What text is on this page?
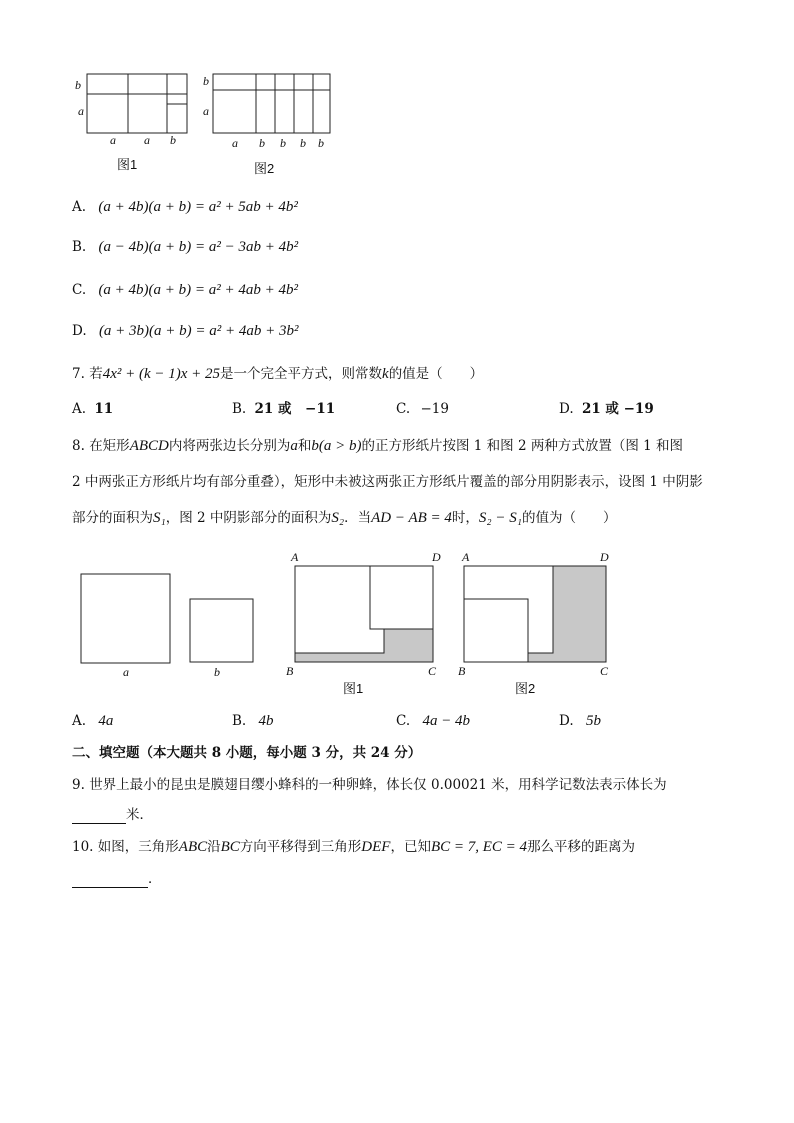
b
a
a a b
图1
b
a
a b b b b
图2
A. (a + 4b)(a + b) = a² + 5ab + 4b²
B. (a − 4b)(a + b) = a² − 3ab + 4b²
C. (a + 4b)(a + b) = a² + 4ab + 4b²
D. (a + 3b)(a + b) = a² + 4ab + 3b²
7. 若4x² + (k − 1)x + 25是一个完全平方式，则常数k的值是（　　）
A. 11	B. 21 或　−11	C. −19	D. 21 或 −19
8. 在矩形ABCD内将两张边长分别为a和b(a > b)的正方形纸片按图 1 和图 2 两种方式放置（图 1 和图
2 中两张正方形纸片均有部分重叠），矩形中未被这两张正方形纸片覆盖的部分用阴影表示，设图 1 中阴影
部分的面积为S₁，图 2 中阴影部分的面积为S₂．当AD − AB = 4时，S₂ − S₁的值为（　　）
a	b
A	D
B	C
图1
A	D
B	C
图2
A. 4a	B. 4b	C. 4a − 4b	D. 5b
二、填空题（本大题共 8 小题，每小题 3 分，共 24 分）
9. 世界上最小的昆虫是膜翅目缨小蜂科的一种卵蜂，体长仅 0.00021 米，用科学记数法表示体长为
米．
10. 如图，三角形ABC沿BC方向平移得到三角形DEF，已知BC = 7, EC = 4那么平移的距离为
．
